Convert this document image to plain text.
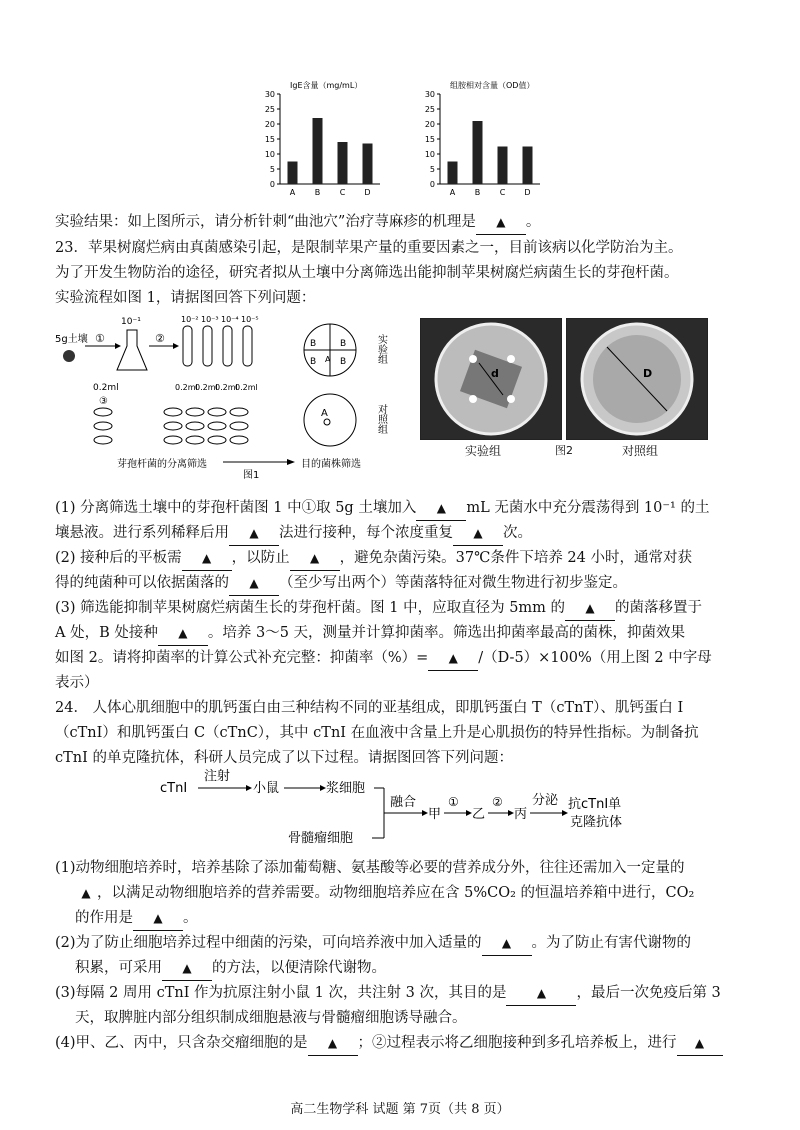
IgE含量（mg/mL）
0
5
10
15
20
25
30
A B C D
组胺相对含量（OD值）
0
5
10
15
20
25
30
A B C D
实验结果：如上图所示，请分析针刺“曲池穴”治疗荨麻疹的机理是 ▲ 。
23．苹果树腐烂病由真菌感染引起，是限制苹果产量的重要因素之一，目前该病以化学防治为主。
为了开发生物防治的途径，研究者拟从土壤中分离筛选出能抑制苹果树腐烂病菌生长的芽孢杆菌。
实验流程如图 1，请据图回答下列问题：
5g土壤 ①
10⁻¹
②
10⁻²
0.2ml
10⁻³
0.2ml
10⁻⁴
0.2ml
10⁻⁵
0.2ml
0.2ml
③
B	B
B	B
A	实验组
A	对照组
芽孢杆菌的分离筛选	目的菌株筛选
图1
d	D
实验组	图2	对照组
(1) 分离筛选土壤中的芽孢杆菌图 1 中①取 5g 土壤加入 ▲ mL 无菌水中充分震荡得到 10⁻¹ 的土
壤悬液。进行系列稀释后用 ▲ 法进行接种，每个浓度重复 ▲ 次。
(2) 接种后的平板需 ▲ ，以防止 ▲ ，避免杂菌污染。37℃条件下培养 24 小时，通常对获
得的纯菌种可以依据菌落的 ▲ （至少写出两个）等菌落特征对微生物进行初步鉴定。
(3) 筛选能抑制苹果树腐烂病菌生长的芽孢杆菌。图 1 中，应取直径为 5mm 的 ▲ 的菌落移置于
A 处，B 处接种 ▲ 。培养 3～5 天，测量并计算抑菌率。筛选出抑菌率最高的菌株，抑菌效果
如图 2。请将抑菌率的计算公式补充完整：抑菌率（%）= ▲ /（D-5）×100%（用上图 2 中字母
表示）
24． 人体心肌细胞中的肌钙蛋白由三种结构不同的亚基组成，即肌钙蛋白 T（cTnT）、肌钙蛋白 I
（cTnI）和肌钙蛋白 C（cTnC），其中 cTnI 在血液中含量上升是心肌损伤的特异性指标。为制备抗
cTnI 的单克隆抗体，科研人员完成了以下过程。请据图回答下列问题：
cTnI
注射
小鼠	浆细胞
骨髓瘤细胞
融合
甲
①
乙
②
丙
分泌 抗cTnI单
克隆抗体
(1)动物细胞培养时，培养基除了添加葡萄糖、氨基酸等必要的营养成分外，往往还需加入一定量的
▲ ，以满足动物细胞培养的营养需要。动物细胞培养应在含 5%CO₂ 的恒温培养箱中进行，CO₂
的作用是 ▲ 。
(2)为了防止细胞培养过程中细菌的污染，可向培养液中加入适量的 ▲ 。为了防止有害代谢物的
积累，可采用 ▲ 的方法，以便清除代谢物。
(3)每隔 2 周用 cTnI 作为抗原注射小鼠 1 次，共注射 3 次，其目的是	▲ ，最后一次免疫后第 3
天，取脾脏内部分组织制成细胞悬液与骨髓瘤细胞诱导融合。
(4)甲、乙、丙中，只含杂交瘤细胞的是 ▲ ；②过程表示将乙细胞接种到多孔培养板上，进行 ▲
高二生物学科 试题 第 7页（共 8 页）
